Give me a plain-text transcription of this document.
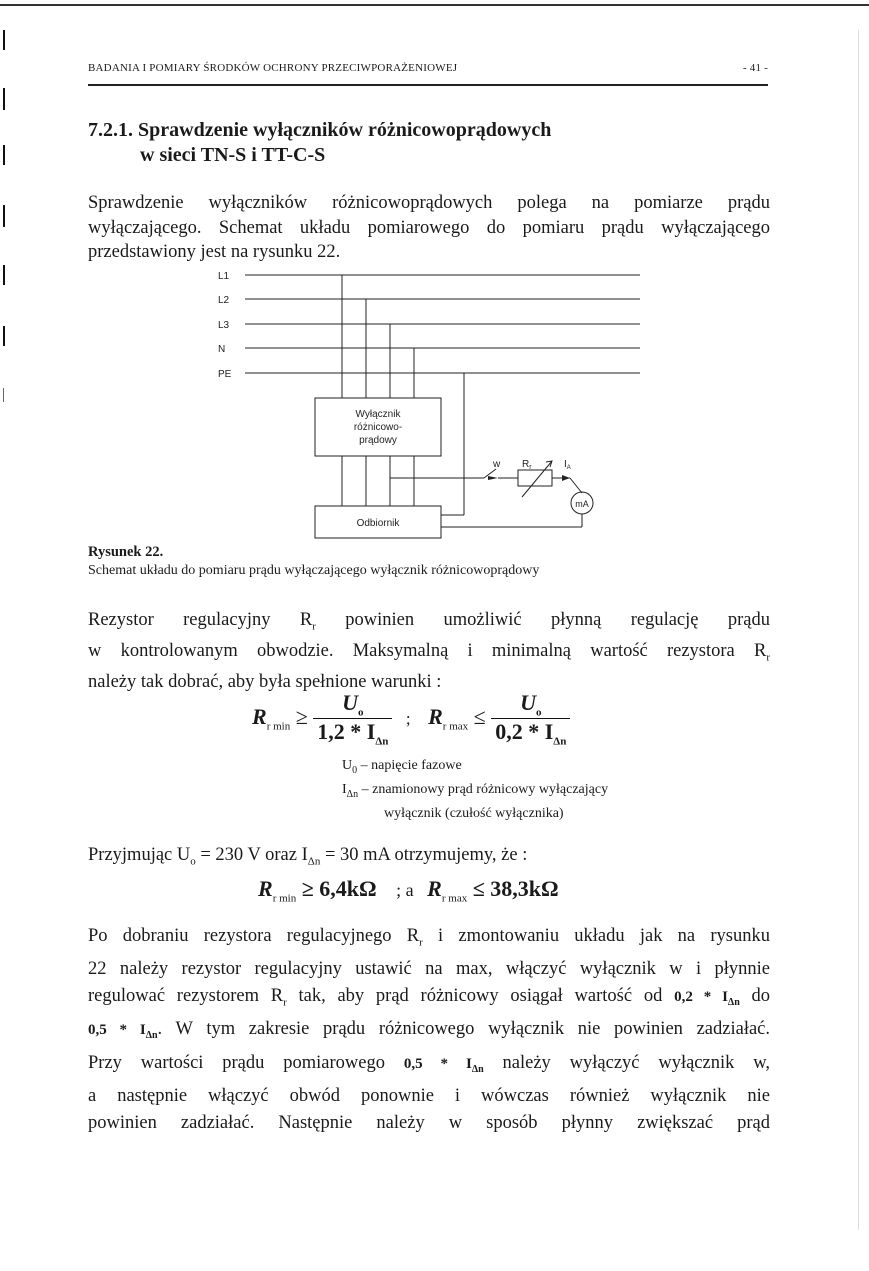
BADANIA I POMIARY ŚRODKÓW OCHRONY PRZECIWPORAŻENIOWEJ	- 41 -
7.2.1. Sprawdzenie wyłączników różnicowoprądowych
w sieci TN-S i TT-C-S
Sprawdzenie wyłączników różnicowoprądowych polega na pomiarze prądu
wyłączającego. Schemat układu pomiarowego do pomiaru prądu wyłączającego
przedstawiony jest na rysunku 22.
L1
L2
L3
N
PE
Wyłącznik
różnicowo-
prądowy
Odbiornik
w $R_r$	$I_A$
mA
Rysunek 22.
Schemat układu do pomiaru prądu wyłączającego wyłącznik różnicowoprądowy
Rezystor regulacyjny $R_r$ powinien umożliwić płynną regulację prądu
w kontrolowanym obwodzie. Maksymalną i minimalną wartość rezystora $R_r$
należy tak dobrać, aby była spełnione warunki :
$R_{r min} \ge \frac{U_o}{1,2 * I_{\Delta n}}$ ; $R_{r max} \le \frac{U_o}{0,2 * I_{\Delta n}}$
$U_0$ – napięcie fazowe
$I_{\Delta n}$ – znamionowy prąd różnicowy wyłączający
wyłącznik (czułość wyłącznika)
Przyjmując $U_o = 230$ V oraz $I_{\Delta n} = 30$ mA otrzymujemy, że :
$R_{r min} \ge 6,4k\Omega$ ; a $R_{r max} \le 38,3k\Omega$
Po dobraniu rezystora regulacyjnego $R_r$ i zmontowaniu układu jak na rysunku
22 należy rezystor regulacyjny ustawić na max, włączyć wyłącznik w i płynnie
regulować rezystorem $R_r$ tak, aby prąd różnicowy osiągał wartość od $0,2 * I_{\Delta n}$ do
$0,5 * I_{\Delta n}$. W tym zakresie prądu różnicowego wyłącznik nie powinien zadziałać.
Przy wartości prądu pomiarowego $0,5 * I_{\Delta n}$ należy wyłączyć wyłącznik w,
a następnie włączyć obwód ponownie i wówczas również wyłącznik nie
powinien zadziałać. Następnie należy w sposób płynny zwiększać prąd
